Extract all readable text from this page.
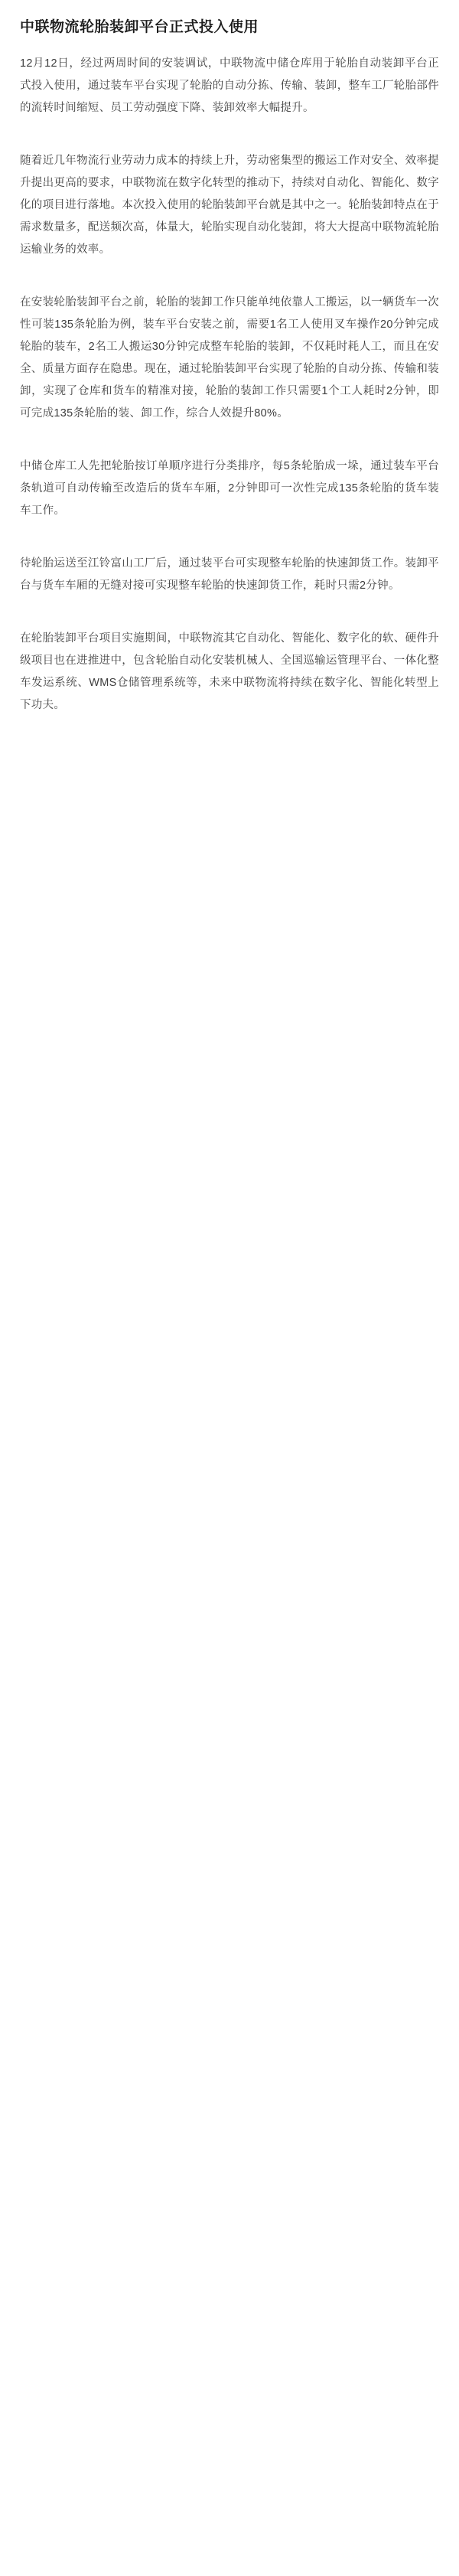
中联物流轮胎装卸平台正式投入使用

12月12日，经过两周时间的安装调试，中联物流中储仓库用于轮胎自动装卸平台正式投入使用，通过装车平台实现了轮胎的自动分拣、传输、装卸，整车工厂轮胎部件的流转时间缩短、员工劳动强度下降、装卸效率大幅提升。

随着近几年物流行业劳动力成本的持续上升，劳动密集型的搬运工作对安全、效率提升提出更高的要求，中联物流在数字化转型的推动下，持续对自动化、智能化、数字化的项目进行落地。本次投入使用的轮胎装卸平台就是其中之一。轮胎装卸特点在于需求数量多，配送频次高，体量大，轮胎实现自动化装卸，将大大提高中联物流轮胎运输业务的效率。

在安装轮胎装卸平台之前，轮胎的装卸工作只能单纯依靠人工搬运，以一辆货车一次性可装135条轮胎为例，装车平台安装之前，需要1名工人使用叉车操作20分钟完成轮胎的装车，2名工人搬运30分钟完成整车轮胎的装卸，不仅耗时耗人工，而且在安全、质量方面存在隐患。现在，通过轮胎装卸平台实现了轮胎的自动分拣、传输和装卸，实现了仓库和货车的精准对接，轮胎的装卸工作只需要1个工人耗时2分钟，即可完成135条轮胎的装、卸工作，综合人效提升80%。

中储仓库工人先把轮胎按订单顺序进行分类排序，每5条轮胎成一垛，通过装车平台条轨道可自动传输至改造后的货车车厢，2分钟即可一次性完成135条轮胎的货车装车工作。

待轮胎运送至江铃富山工厂后，通过装平台可实现整车轮胎的快速卸货工作。装卸平台与货车车厢的无缝对接可实现整车轮胎的快速卸货工作，耗时只需2分钟。

在轮胎装卸平台项目实施期间，中联物流其它自动化、智能化、数字化的软、硬件升级项目也在进推进中，包含轮胎自动化安装机械人、全国巡输运管理平台、一体化整车发运系统、WMS仓储管理系统等，未来中联物流将持续在数字化、智能化转型上下功夫。
